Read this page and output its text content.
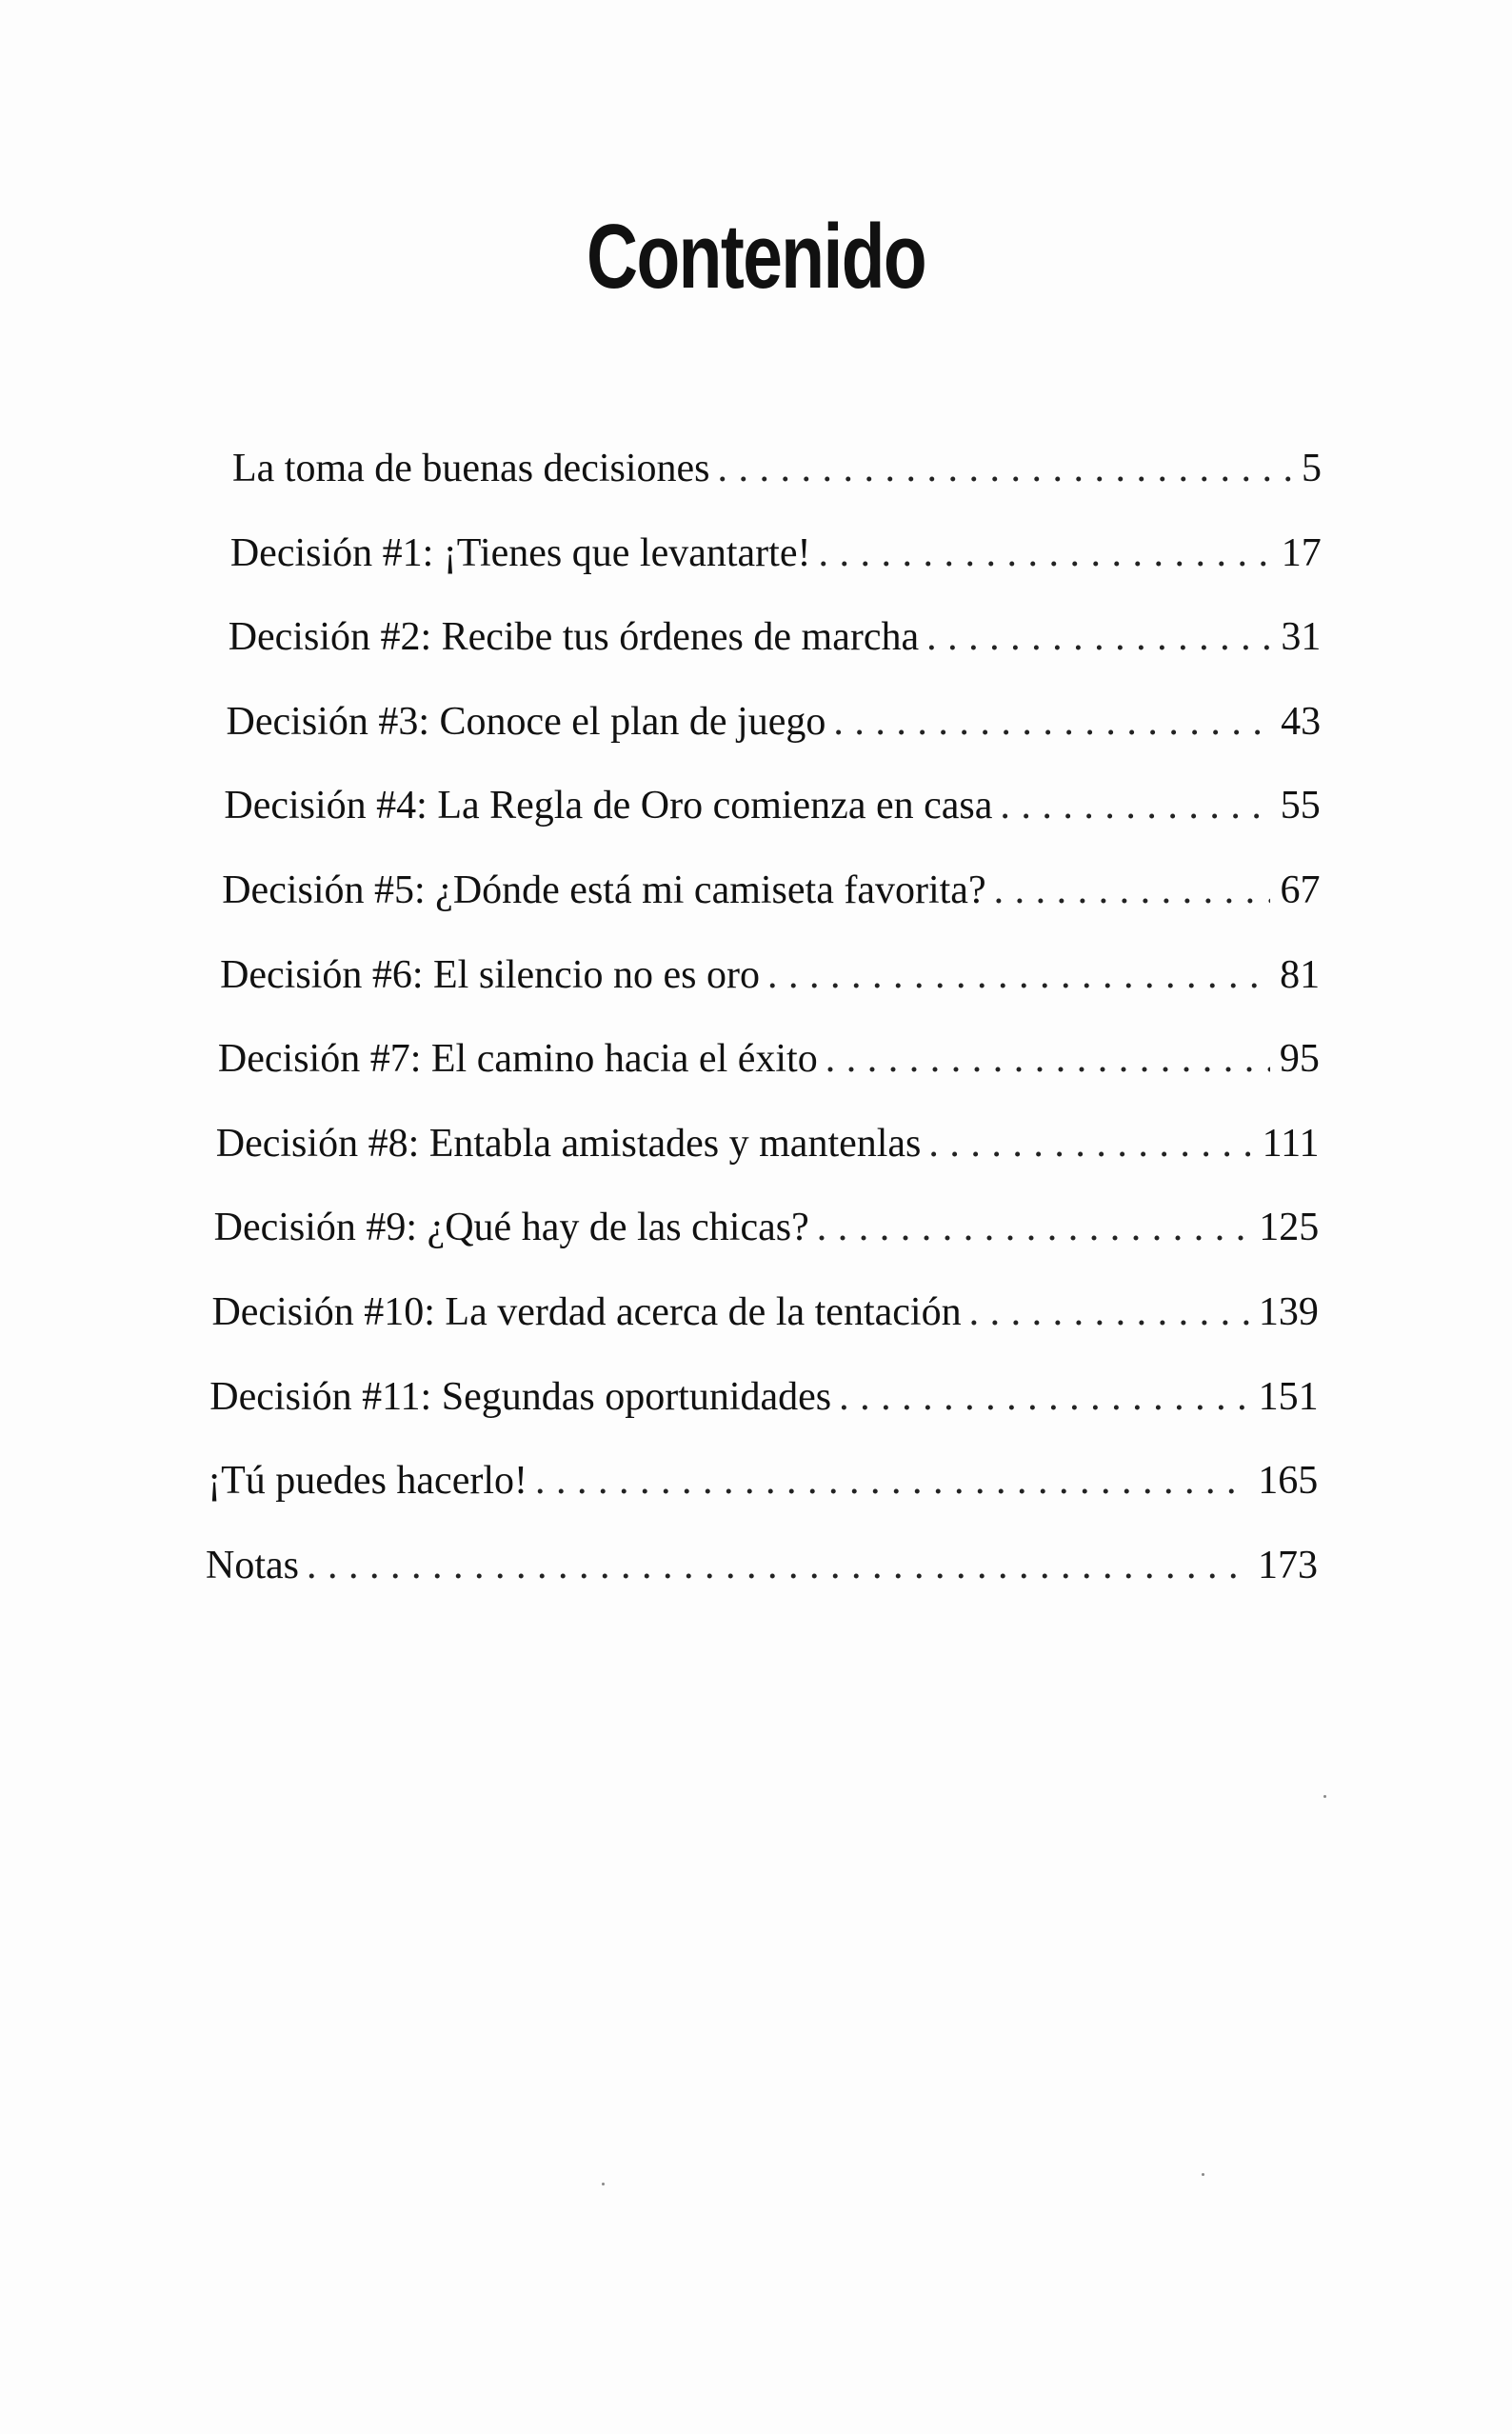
Contenido
La toma de buenas decisiones . . .	5
Decisión #1: ¡Tienes que levantarte! . . .	17
Decisión #2: Recibe tus órdenes de marcha . . .	31
Decisión #3: Conoce el plan de juego . . .	43
Decisión #4: La Regla de Oro comienza en casa . . .	55
Decisión #5: ¿Dónde está mi camiseta favorita? . . .	67
Decisión #6: El silencio no es oro . . .	81
Decisión #7: El camino hacia el éxito . . .	95
Decisión #8: Entabla amistades y mantenlas . . .	111
Decisión #9: ¿Qué hay de las chicas? . . .	125
Decisión #10: La verdad acerca de la tentación . . .	139
Decisión #11: Segundas oportunidades . . .	151
¡Tú puedes hacerlo! . . .	165
Notas . . .	173
